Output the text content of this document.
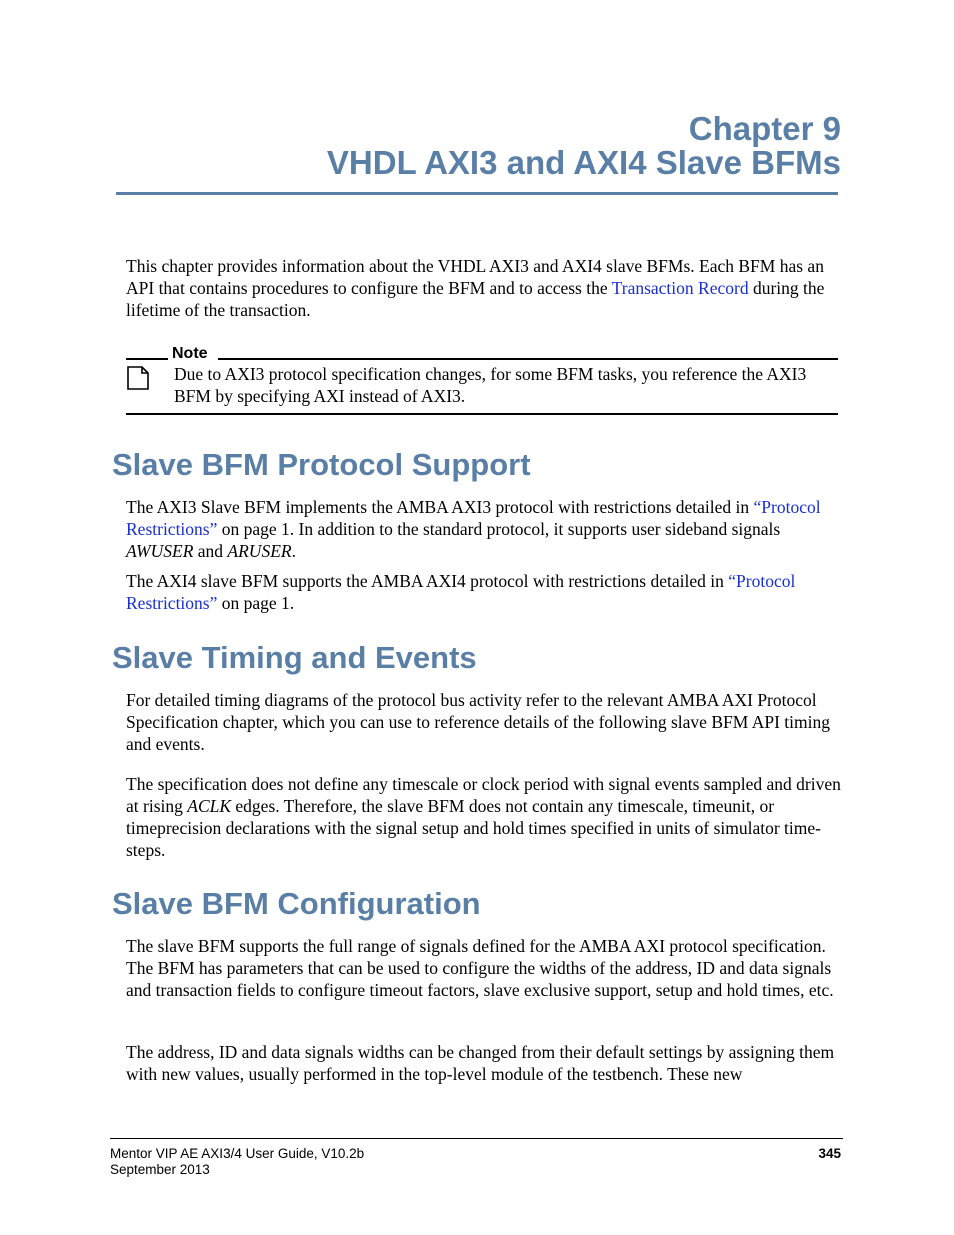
Chapter 9
VHDL AXI3 and AXI4 Slave BFMs
This chapter provides information about the VHDL AXI3 and AXI4 slave BFMs. Each BFM has an API that contains procedures to configure the BFM and to access the Transaction Record during the lifetime of the transaction.
Note
Due to AXI3 protocol specification changes, for some BFM tasks, you reference the AXI3 BFM by specifying AXI instead of AXI3.
Slave BFM Protocol Support
The AXI3 Slave BFM implements the AMBA AXI3 protocol with restrictions detailed in “Protocol Restrictions” on page 1. In addition to the standard protocol, it supports user sideband signals AWUSER and ARUSER.
The AXI4 slave BFM supports the AMBA AXI4 protocol with restrictions detailed in “Protocol Restrictions” on page 1.
Slave Timing and Events
For detailed timing diagrams of the protocol bus activity refer to the relevant AMBA AXI Protocol Specification chapter, which you can use to reference details of the following slave BFM API timing and events.
The specification does not define any timescale or clock period with signal events sampled and driven at rising ACLK edges. Therefore, the slave BFM does not contain any timescale, timeunit, or timeprecision declarations with the signal setup and hold times specified in units of simulator time-steps.
Slave BFM Configuration
The slave BFM supports the full range of signals defined for the AMBA AXI protocol specification. The BFM has parameters that can be used to configure the widths of the address, ID and data signals and transaction fields to configure timeout factors, slave exclusive support, setup and hold times, etc.
The address, ID and data signals widths can be changed from their default settings by assigning them with new values, usually performed in the top-level module of the testbench. These new
Mentor VIP AE AXI3/4 User Guide, V10.2b
September 2013
345
